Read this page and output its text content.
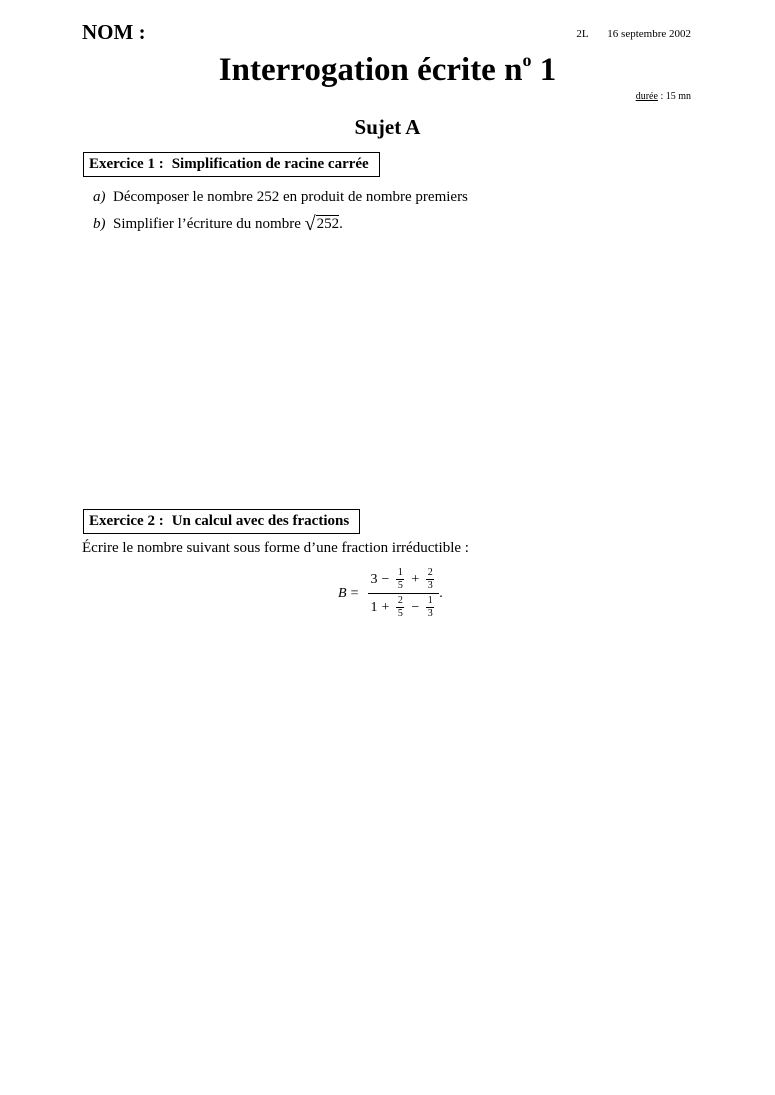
NOM :	2L 16 septembre 2002
Interrogation écrite $n^o$ 1
durée : 15 mn
Sujet A
Exercice 1 : Simplification de racine carrée
a) Décomposer le nombre 252 en produit de nombre premiers
b) Simplifier l’écriture du nombre √252.
Exercice 2 : Un calcul avec des fractions
Écrire le nombre suivant sous forme d’une fraction irréductible :
B = 3 − 1
5 + 2
3
1 + 2
5 − 1
3 .
